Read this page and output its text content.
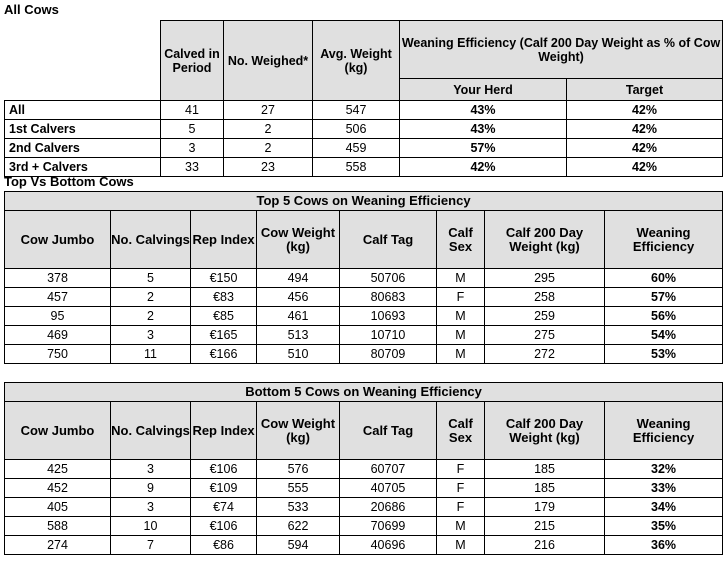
All Cows
	Calved in Period	No. Weighed*	Avg. Weight (kg)	Weaning Efficiency (Calf 200 Day Weight as % of Cow Weight)	
				Your Herd	Target
All	41	27	547	43%	42%
1st Calvers	5	2	506	43%	42%
2nd Calvers	3	2	459	57%	42%
3rd + Calvers	33	23	558	42%	42%
Top Vs Bottom Cows
Top 5 Cows on Weaning Efficiency							
Cow Jumbo	No. Calvings	Rep Index	Cow Weight (kg)	Calf Tag	Calf Sex	Calf 200 Day Weight (kg)	Weaning Efficiency
378	5	€150	494	50706	M	295	60%
457	2	€83	456	80683	F	258	57%
95	2	€85	461	10693	M	259	56%
469	3	€165	513	10710	M	275	54%
750	11	€166	510	80709	M	272	53%
Bottom 5 Cows on Weaning Efficiency							
Cow Jumbo	No. Calvings	Rep Index	Cow Weight (kg)	Calf Tag	Calf Sex	Calf 200 Day Weight (kg)	Weaning Efficiency
425	3	€106	576	60707	F	185	32%
452	9	€109	555	40705	F	185	33%
405	3	€74	533	20686	F	179	34%
588	10	€106	622	70699	M	215	35%
274	7	€86	594	40696	M	216	36%
